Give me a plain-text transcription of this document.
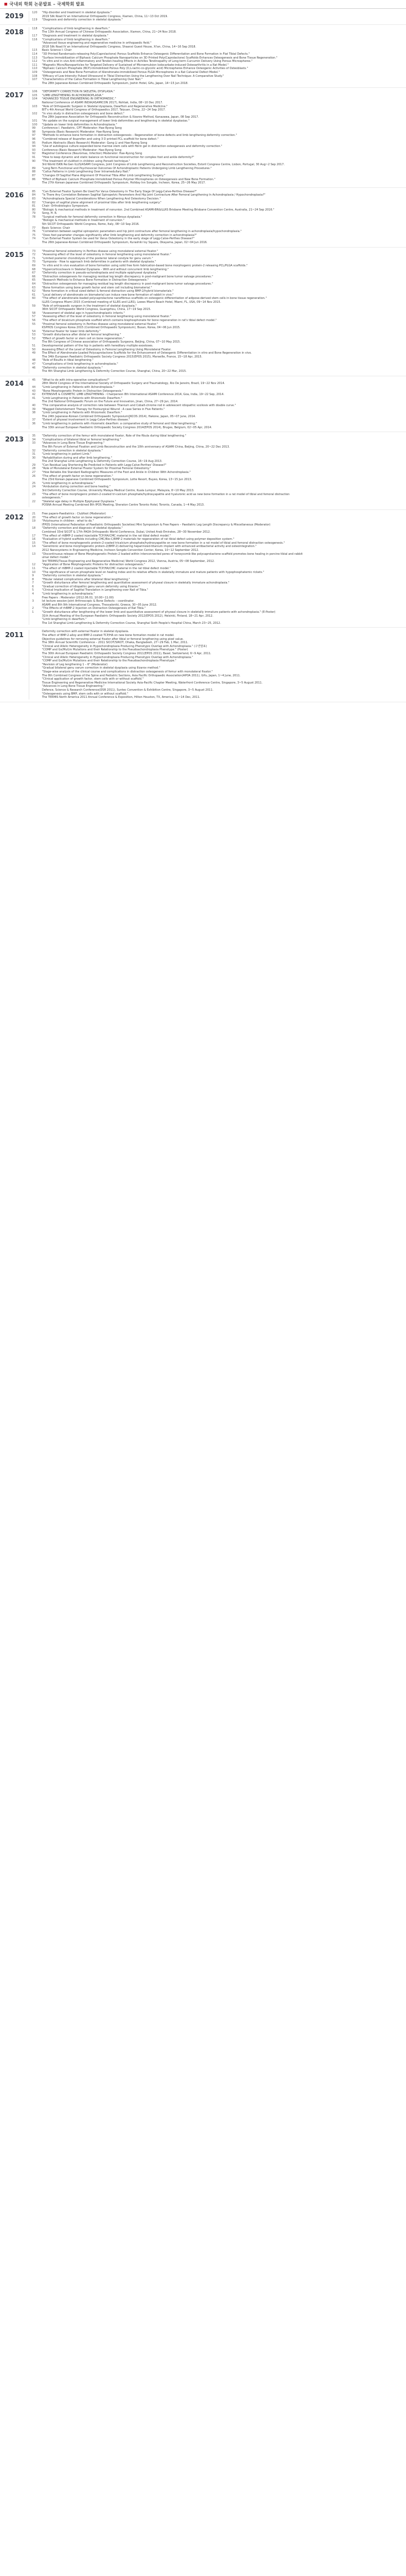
국내외 학회 논문발표 – 국제학회 발표
2019	120	"Hip disorder and treatment in skeletal dysplasia."
2019 Silk Road IV an International Orthopaedic Congress, Xiamen, China, 11~13 Oct 2019.
119	"Diagnosis and deformity correction in skeletal dysplasia."
2018	118	"Complications of limb lengthening in dwarfism."
The 13th Annual Congress of Chinese Orthopaedic Association, Xiamen, China, 21~24 Nov 2018.
117	"Diagnosis and treatment in skeletal dysplasia."
116	"Complications of limb lengthening in dwarfism."
"Advanced tissue engineering and regenerative medicine in orthopaedic field."
2018 Silk Road IV an International Orthopaedic Congress, Shaanxi Guest House, Xi'an, China, 14~16 Sep 2018.
115	Basic Science I: Chair
114	"3D Printed Randomaxis-releasing Poly(Caprolactone) Porous Scaffolds Enhance Osteogenic Differentiation and Bone Formation in Flat Tibial Defects."
113	"Surface Immobilization of Biphasic Calcium Phosphate Nanoparticles on 3D Printed Poly(Caprolactone) Scaffolds Enhances Osteogenesis and Bone Tissue Regeneration."
112	"In vitro and in vivo Anti-inflammatory and Tendon-healing Effects in Achilles Tendinopathy of Long-term Curcumin Delivery Using Porous Microspheres."
111	"Magnetic Micro/Nanoparticles for Targeted Delivery of Sustained of Microemulsion Iodocarbate-induced Osteoarthritis in a Rat Model."
110	"Biphasic Calcium Phosphate (BCP)-Immobilized Porous Poly (D,L-lactic-co-glycolic acid) Microspheres Enhance Osteogenic Activities of Osteoblasts."
109	"Osteogenesis and New Bone Formation of Alendronate-immobilized Porous PLGA Microspheres in a Rat Calvarial Defect Model."
108	"Efficacy of Low-Intensity Pulsed Ultrasound in Tibial Distraction Using the Lengthening Over Nail Technique: A Comparative Study."
107	"Characteristics of the Callus Formation in Tibial Lengthening Over Nail."
The 28th Japanese-Korean Combined Orthopaedic Symposium, Joshin Hotel, Gifu, Japan, 14~15 Jun 2018.
2017	106	"DEFORMITY CORRECTION IN SKELETAL DYSPLASIA."
105	"LIMB LENGTHENING IN ACHONDROPLASIA."
104	"ADVANCED TISSUE ENGINEERING IN ORTHOPAEDIC."
National Conference of ASAMI INDIA(ASAMICON 2017), Rohtak, India, 08~10 Dec 2017.
103	"Role of Orthopaedic Surgeon in Skeletal dysplasia, Dwarfism and Regenerative Medicine."
BIT's 4th Annual World Congress of Orthopaedics 2017, Taiyuan, China, 22~24 Sep 2017.
102	"In vivo study in distraction osteogenesis and bone defect."
The 28th Japanese Association for Orthopaedic Reconstruction & Ilizarov Method, Kanazawa, Japan, 08 Sep 2017.
101	"An update on the surgical management of lower limb deformities and lengthening in skeletal dysplasias."
100	"Update on lower limb deformities in Achondroplasia."
99	Conference I. Paediatric, CPT Moderator: Hae-Ryong Song
98	Symposia (Basic Research) Moderator: Hae-Ryong Song
97	"Methods to enhance bone formation in distraction osteogenesis – Regeneration of bone defects and limb lengthening deformity correction."
96	"Combined release of ibuprofen and using 3 D printed PCL scaffold for bone defect."
95	Podium Abstracts (Basic Research) Moderator: Gang Li and Hae-Ryong Song
94	"Use of autologous culture expanded bone marrow stem cells with fibrin gel in distraction osteogenesis and deformity correction."
93	Conference (Basic Research) Moderator: Hae-Ryong Song
92	Magistral Conference (Neuromas, Infection) Moderator: Hae-Ryong Song
91	"How to keep dynamic and static balance on functional reconstruction for complex foot and ankle deformity?"
90	"The treatment of clubfoot in children using Ponseti technique."
3rd World ISKN Re:Gen ILLIS/ASAMI Congress, Joint Congress of Limb Lengthening and Reconstruction Societies, Estoril Congress Centre, Lisbon, Portugal, 30 Aug~2 Sep 2017.
89	"Long-Term Functional and Psychosocial Outcomes Of Achondroplastic Patients Undergoing Limb Lengthening Procedures."
88	"Callus Patterns in Limb Lengthening Over Intramedullary Nail."
87	"Changes Of Sagittal Plane Alignment Of Proximal Tibia After Limb Lengthening Surgery."
86	"Effect of Biphasic Calcium Phosphate Immobilized Porous Polymer Microspheres on Osteogenesis and New Bone Formation."
The 27th Korean-Japanese Combined Orthopaedic Symposium, Holiday Inn Songdo, Incheon, Korea, 25~26 May 2017.
2016	85	"Can External Fixator System Be Used For Varus Osteotomy In The Early Stage Of Legg-Calve-Perthes Disease?"
84	"Is There Any Correlation Between Sagittal Spinopelvic Parameters And Hip Joint Contracture After Femoral Lengthening In Achondroplasia / Hypochondroplasia?"
83	"Achondroplasia Special Considerations When Lengthening And Osteotomy Decision."
82	"Changes of sagittal plane alignment of proximal tibia after limb lengthening surgery."
81	Chair: Orthobiologics Symposium.
80	"Biologic & mechanical methods in treatment of nonunion. 2nd Combined ASAMI-BR&ILLRS Brisbane Meeting Brisbane Convention Centre, Australia, 21~24 Sep 2016."
79	Song, H. R.
78	"Surgical methods for femoral deformity correction in fibrous dysplasia."
"Biologic & mechanical methods in treatment of nonunion."
5th SICOT Orthopaedic World Congress, Rome, Italy, 08~10 Sep 2016.
77	Basic Science: Chair
76	"Correlation between sagittal spinopelvic parameters and hip joint contracture after femoral lengthening in achondroplasia/hypochondroplasia."
75	"Does foot parameter changes significantly after limb lengthening and deformity correction in achondroplasia?"
74	"Can External Fixator System be used for Varus Osteotomy in the early stage of Legg-Calve-Perthes Disease?"
The 26th Japanese-Korean Combined Orthopaedic Symposium, Kurashiki Ivy Square, Okayama, Japan, 02~04 Jun 2016.
2015	73	"Proximal femoral osteotomy in Perthes disease using monolateral external fixator."
72	"Assessing effect of the level of osteotomy in femoral lengthening using monolateral fixator."
71	"Limited posterior chondrolysis of the posterior lateral condyle for genu varum."
70	"Symposia - How to approach limb deformities in patients with skeletal dysplasia."
69	"In vitro and In vivo evaluation of bone formation using solid free form fabrication-based bone morphogenic protein-2 releasing PCL/PLGA scaffolds."
68	"Hypercorticocleavis in Skeletal Dysplasia – With and without concurrent limb lengthening."
67	"Deformity correction in pseudo-achondroplasia and multiple epiphyseal dysplasia."
66	"Distraction osteogenesis for managing residual leg length discrepancy in post-malignant bone tumor salvage procedures."
65	"Research Methods to Enhance Bone Formation in Distraction Osteogenesis."
64	"Distraction osteogenesis for managing residual leg length discrepancy in post-malignant bone tumor salvage procedures."
63	"Bone formation using bone growth factor and stem cell including biomaterial."
62	"Bone formation in critical sized defect & femoral distraction using BMP-2/hybrid biomaterials."
61	"Local delivery of alendronate on biomaterial can induce new bone formation of rabbit in vivo."
60	"The effect of alendronate-loaded polycaprolactone nanofibrous scaffolds on osteogenic differentiation of adipose-derived stem cells in bone tissue regeneration."
ILLRS Congress Miami 2015 (Combined meeting of ILLRS and LLRS), Loews Miami Beach Hotel, Miami, FL, USA, 09~14 Nov 2015.
59	"Role of orthopaedic surgeon in the treatment of skeletal dysplasia."
36th SICOT Orthopaedic World Congress, Guangzhou, China, 17~19 Sep 2015.
58	"Assessment of skeletal age in hypochondroplastic infants."
57	"Assessing effect of the level of osteotomy in femoral lengthening using monolateral fixator."
56	"The effect of bicalcium phosphate scaffold which contains bisphosphonate for bone regeneration in rat's tibial defect model."
55	"Proximal femoral osteotomy in Perthes disease using monolateral external fixator."
KSPHOS Congress Korea 2015 (Combined Orthopaedic Symposium), Busan, Korea, 04~06 Jun 2015.
54	"External fixator for lower limb deformity."
53	"Growth disturbance after distal or femoral lengthening."
52	"Effect of growth factor or stem cell on bone regeneration."
The 8th Congress of Chinese association of Orthopaedic Surgeons, Beijing, China, 07~10 May 2015.
51	Developmental pattern of the hip in patients with hereditary multiple exostoses.
50	Assessing Effect of the Level of Osteotomy in Femoral Lengthening Using Monolateral Fixator.
49	The Effect of Alendronate-Loaded Polycaprolactone Scaffolds for the Enhancement of Osteogenic Differentiation in vitro and Bone Regeneration in vivo.
The 34th European Paediatric Orthopaedic Society Congress 2015(EPOS 2015), Marseille, France, 15~18 Apr, 2015.
48	"Role of Bisulfa in tibial lengthening."
47	"Complications of limb lengthening in achondroplasia."
46	"Deformity correction in skeletal dysplasia."
The 4th Shanghai Limb Lengthening & Deformity Correction Course, Shanghai, China, 20~22 Mar, 2015.
2014	45	"What to do with intra-operative complications?"
28th World Congress of the International Society of Orthopaedic Surgery and Traumatology, Rio De Janeiro, Brazil, 19~22 Nov 2014.
44	"Limb Lengthening in Patients with Achondroplasia."
43	"Bone Morphogenetic Protein in Distraction Osteogenesis."
42	EXTENSIVE & COSMETIC LIMB LENGTHENING : Chairperson 8th International ASAMI Conference 2014, Goa, India, 19~22 Sep, 2014.
41	"Limb Lengthening in Patients with Rhizomelic Dwarfism."
The 2nd National Orthopaedic Forum on the Future and Innovation, Jinan, China, 27~29 Jun, 2014.
40	"The comparative analysis of correction rate between Titanium and Cobalt-chrome rod in adolescent idiopathic scoliosis with double curve."
39	"Magged Detoristement Therapy for Postsurgical Wound : A case Series in Five Patients."
38	"Limb Lengthening in Patients with Rhizomelic Dwarfism."
The 24th Japanese-Korean Combined Orthopaedic Symposium(JKCOS 2014), Hakone, Japan, 05~07 June, 2014.
37	"Extent of physeal involvement in Legg-Calve-Perthes disease."
36	"Limb lengthening in patients with rhizomelic dwarfism: a comparative study of femoral and tibial lengthening."
The 33th annual European Paediatric Orthopaedic Society Congress 2014(EPOS 2014), Bruges, Belgium, 02~05 Apr, 2014.
2013	35	"Deformity correction of the femur with monolateral fixator, Role of the fibula during tibial lengthening."
34	"Complications of bilateral tibial or femoral lengthening."
33	"Advances in Long Bone Tissue Engineering."
The 8th Forum of External Fixation and Limb Reconstruction and the 10th anniversary of ASAMI China, Beijing, China, 20~22 Dec 2013.
32	"Deformity correction in skeletal dysplasia."
31	"Limb lengthening in patient Limb."
30	"Rehabilitation during and after limb lengthening."
The 2nd Shanghai Limb Lengthening & Deformity Correction Course, 16~19 Aug 2013.
29	"Can Residual Leg Shortening Be Predicted in Patients with Legg-Calve-Perthes' Disease?"
28	"Role of Monolateral External Fixator System for Proximal Femoral Osteotomy."
27	"How Reliable Are Standard Radiographic Measures of the Foot and Ankle in Children With Achondroplasia."
26	"The effect of growth factor on bone regeneration."
The 23rd Korean-Japanese Combined Orthopaedic Symposium, Lotte Resort, Buyeo, Korea, 13~15 Jun 2013.
25	"Limb lengthening in achondroplasia."
24	"Ambulation during correction and bone healing."
3rd Deformity Correction Course, University Malaya Medical Centre, Kuala Lumpur, Malaysia, 8~10 May 2013.
23	"The effect of bone morphogenic protein-2-coated tri-calcium phosphate/hydroxyapatite and hyaluronic acid as new bone formation in a rat model of tibial and femoral distraction osteogenesis."
22	"Skeletal age delay in Multiple Epiphyseal Dysplasia."
POSNA Annual Meeting Combined 8th IPOS Meeting, Sheraton Centre Toronto Hotel, Toronto, Canada, 1~4 May 2013.
2012	21	Free papers-Paediatrics : Clubfoot (Moderator)
20	"The effect of growth factor on bone regeneration."
19	"Polytrauma in children : what to do."
IFPOS (International Federation of Paediatric Orthopaedic Societies) Mini Symposium & Free Papers – Paediatric Leg Length Discrepancy & Miscellaneous (Moderator)
18	"Deformity correction and diagnosis of skeletal dysplasia."
Combined 33rd SICOT & 17th PAOA Orthopaedic World Conference, Dubai, United Arab Emirates, 28~30 November 2012.
17	"The effect of rhBMP-2 coated injectable TCP/HA/CMC material in the rat tibial defect model."
16	"Evaluation of hybrid scaffolds including CMC/Bio-C/BMP-2 materials for regeneration of rat tibial defect using polymer deposition system."
15	"The effect of bone morphogenetic protein-2-coated tricalcium phosphate/hydroxyapatite on new bone formation in a rat model of tibial and femoral distraction osteogenesis."
14	"Genetronic and bone morphogenetic protein-2(BMP-2)-delivering heparinized-titanium implant with enhanced antibacterial activity and osteointegration."
2012 Nanosystems in Engineering Medicine, Incheon Songdo Convention Center, Korea, 10~12 September 2012.
13	"Discontinuous release of Bone Morphogenetic Protein-2 loaded within interconnected pores of honeycomb-like polycaprolactone scaffold promotes bone healing in porcine tibial and rabbit ulnar defect model."
3rd TERMIS(Tissue Engineering and Regenerative Medicine) World Congress 2012, Vienna, Austria, 05~08 September, 2012.
12	"Application of Bone Morphogenetic Proteins for distraction osteogenesis."
11	"The effect of rhBMP-2 coated injectable TCP/HA/CMC material in the rat tibial defect model."
10	"The significance of serum phosphate level on healing index and its relative effects in skeletally immature and mature patients with hypophosphatemic rickets."
9	"Deformity correction in skeletal dysplasia."
8	"Fibular related complications after bilateral tibial lengthening."
7	"Growth disturbance after femoral lengthening and quantitative assessment of physeal closure in skeletally immature achondroplasia."
6	"Gradual correction of idiopathic genu varum deformity using Ilizarov."
5	"Clinical Implication of Sagittal Translation in Lengthening over Nail of Tibia."
4	"Limb lengthening in achondroplasia."
Free Papers : Moderator (2012.06.01. 10:00~11:00)
3	Ist lecture session-Joint Arthroscopic & Bone Defects – coordinator.
ASAMI and 8th 9th International Congress, Thessaloniki, Greece, 30~05 June 2012.
2	"The Effects of rhBMP-2 Injection on Distraction Osteogenesis of Rat Tibia."
1	"Growth disturbance after lengthening of the lower limb and quantitative assessment of physeal closure in skeletally immature patients with achondroplasia." (E-Poster)
31th Annual Meeting of the European Paediatric Orthopaedic Society 2012(EPOS 2012), Helsinki, Finland, 18~21 Apr, 2012.
"Limb lengthening in dwarfism."
The 1st Shanghai Limb Lengthening & Deformity Correction Course, Shanghai Sixth People's Hospital China, March 23~25, 2012.
2011	Deformity correction with external fixator in skeletal dysplasia.
The effect of BMP-2-alloy and BMP-2-coated TCP/HA on new bone formation model in rat model.
Objective guidelines for removing external fixator after tibial or femoral lengthening using pixel value.
The 38th Annual Scientific Conference – 2011 SICOT/SIROT, Dhaka, Bangladesh, 27~29 Feb, 1 Mar, 2011.
"Clinical and Allelic Heterogeneity in Hypochondroplasia Producing Phenotypic Overlap with Achondroplasia." (구연발표)
"COMP and Gs(Mut)m Mutations and their Relationship to the Pseudoachondroplasia Phenotype." (Poster)
The 30th Annual European Paediatric Orthopaedic Society Congress 2011(EPOS 2011), Basel, Switzerland, 6~9 Apr, 2011.
"Clinical and Allelic Heterogeneity in Hypochondroplasia Producing Phenotypic Overlap with Achondroplasia."
"COMP and Gs(Mut)m Mutations and their Relationship to the Pseudoachondroplasia Phenotype."
"Revision of Leg lengthening 1 – 6" (Moderator)
"Gradual bilateral genu varum correction in skeletal dysplasia using Ilizarov method."
"Stage-wise analysis of the clinical course and complications in distraction osteogenesis of femur with monolateral fixator."
The 8th Combined Congress of the Spine and Pediatric Sections, Asia Pacific Orthopaedic Association(APOA 2011), Gifu, Japan, 1~4 June, 2011.
"Clinical application of growth factor, stem cells with or without scaffold."
Tissue Engineering and Regenerative Medicine International Society Asia-Pacific Chapter Meeting, Waterfront Conference Centre, Singapore, 3~5 August 2011.
"Advances in Long Bone Tissue Engineering."
Defence, Science & Research Conference(DSR 2011), Suntec Convention & Exhibition Centre, Singapore, 3~5 August 2011.
"Osteogenesis using BMP, stem cells with or without scaffold."
The TERMIS North America 2011 Annual Conference & Exposition, Hilton Houston, TX, America, 11~14 Dec, 2011.
